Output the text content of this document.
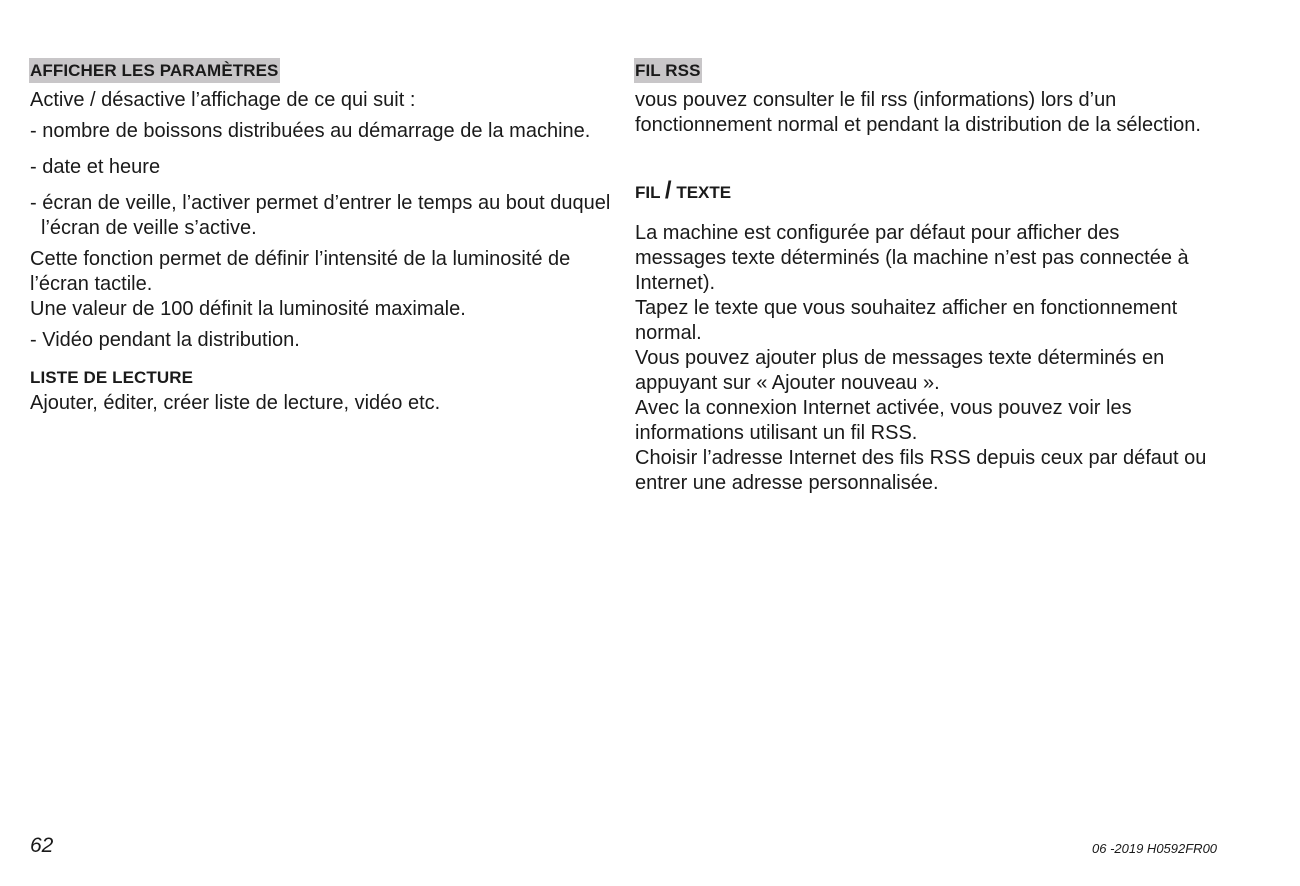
AFFICHER LES PARAMÈTRES

Active / désactive l’affichage de ce qui suit :

- nombre de boissons distribuées au démarrage de la machine.

- date et heure

- écran de veille, l’activer permet d’entrer le temps au bout duquel l’écran de veille s’active.

Cette fonction permet de définir l’intensité de la luminosité de l’écran tactile.

Une valeur de 100 définit la luminosité maximale.

- Vidéo pendant la distribution.

LISTE DE LECTURE

Ajouter, éditer, créer liste de lecture, vidéo etc.

FIL RSS

vous pouvez consulter le fil rss (informations) lors d’un fonctionnement normal et pendant la distribution de la sélection.

FIL / TEXTE

La machine est configurée par défaut pour afficher des messages texte déterminés (la machine n’est pas connectée à Internet).

Tapez le texte que vous souhaitez afficher en fonctionnement normal.

Vous pouvez ajouter plus de messages texte déterminés en appuyant sur « Ajouter nouveau ».

Avec la connexion Internet activée, vous pouvez voir les informations utilisant un fil RSS.

Choisir l’adresse Internet des fils RSS depuis ceux par défaut ou entrer une adresse personnalisée.

62	06 -2019 H0592FR00
